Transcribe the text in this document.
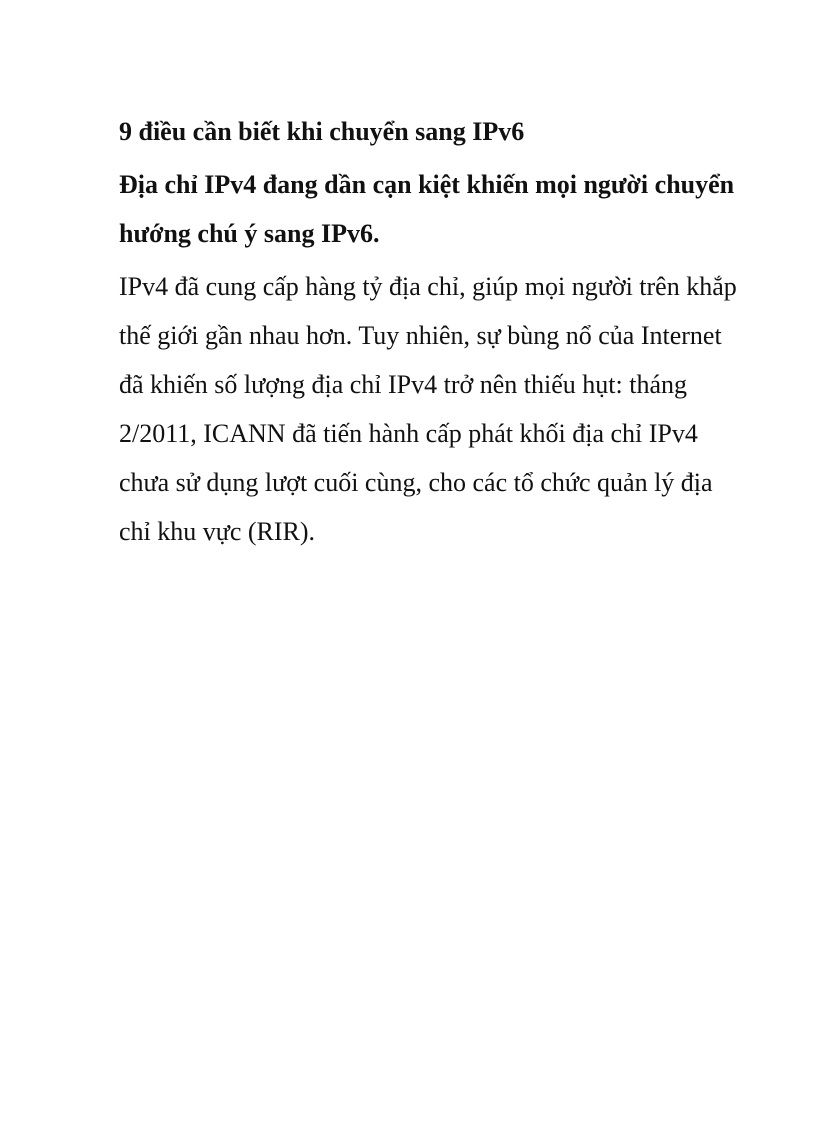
9 điều cần biết khi chuyển sang IPv6

Địa chỉ IPv4 đang dần cạn kiệt khiến mọi người chuyển
hướng chú ý sang IPv6.

IPv4 đã cung cấp hàng tỷ địa chỉ, giúp mọi người trên khắp
thế giới gần nhau hơn. Tuy nhiên, sự bùng nổ của Internet
đã khiến số lượng địa chỉ IPv4 trở nên thiếu hụt: tháng
2/2011, ICANN đã tiến hành cấp phát khối địa chỉ IPv4
chưa sử dụng lượt cuối cùng, cho các tổ chức quản lý địa
chỉ khu vực (RIR).
